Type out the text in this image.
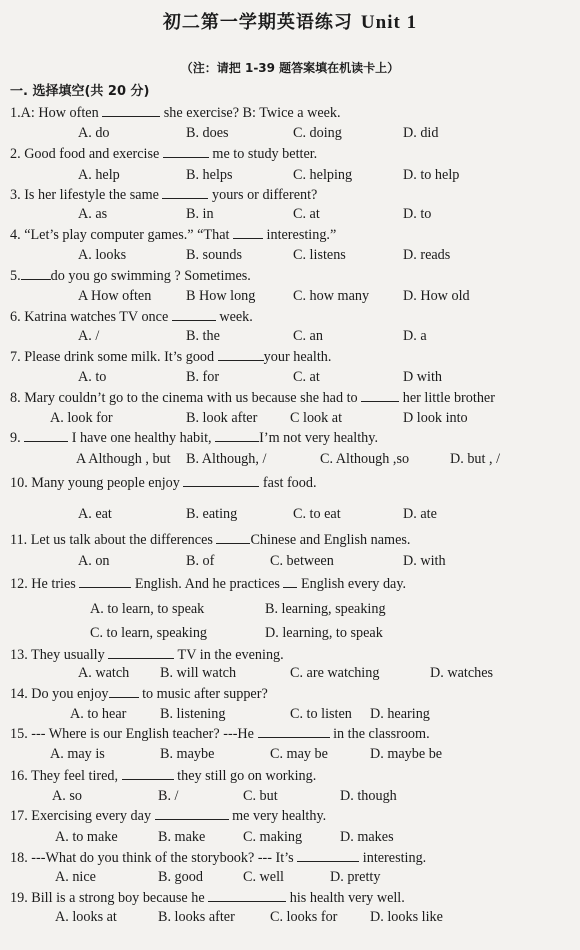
初二第一学期英语练习 Unit 1
（注：请把 1-39 题答案填在机读卡上）
一. 选择填空(共 20 分)
1.A: How often	she exercise? B: Twice a week.
A. do	B. does	C. doing	D. did
2. Good food and exercise	me to study better.
A. help	B. helps	C. helping	D. to help
3. Is her lifestyle the same	yours or different?
A. as	B. in	C. at	D. to
4. “Let’s play computer games.” “That  interesting.”
A. looks	B. sounds	C. listens	D. reads
5. do you go swimming ? Sometimes.
A How often B How long	C. how many D. How old
6. Katrina watches TV once	week.
A. /	B. the	C. an	D. a
7. Please drink some milk. It’s good	your health.
A. to	B. for	C. at	D with
8. Mary couldn’t go to the cinema with us because she had to	her little brother
A. look for	B. look after C look at	D look into
9.	I have one healthy habit,	I’m not very healthy.
A Although , but B. Although, /	C. Although ,so	D. but , /
10. Many young people enjoy	fast food.
A. eat	B. eating	C. to eat	D. ate
11. Let us talk about the differences Chinese and English names.
A. on	B. of	C. between	D. with
12. He tries	English. And he practices  English every day.
A. to learn, to speak	B. learning, speaking
C. to learn, speaking	D. learning, to speak
13. They usually	TV in the evening.
A. watch B. will watch	C. are watching	D. watches
14. Do you enjoy to music after supper?
A. to hear B. listening	C. to listen D. hearing
15. --- Where is our English teacher? ---He	in the classroom.
A. may is	B. maybe	C. may be	D. maybe be
16. They feel tired,	they still go on working.
A. so	B. /	C. but	D. though
17. Exercising every day	me very healthy.
A. to make	B. make	C. making	D. makes
18. ---What do you think of the storybook? --- It’s	interesting.
A. nice	B. good	C. well	D. pretty
19. Bill is a strong boy because he	his health very well.
A. looks at	B. looks after C. looks for D. looks like
